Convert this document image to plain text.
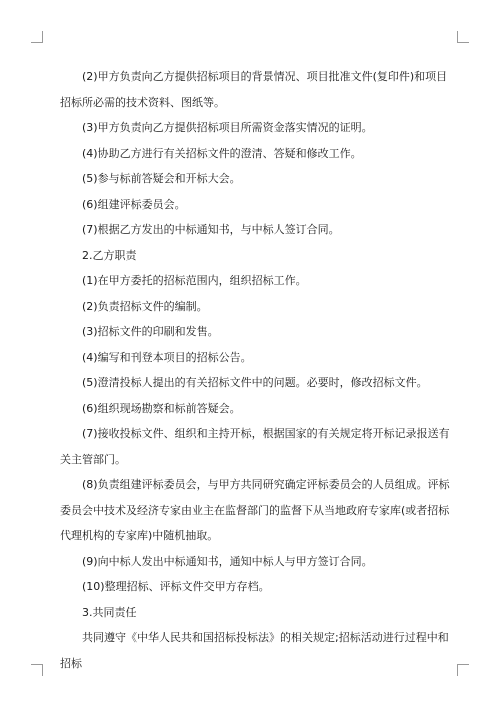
(2)甲方负责向乙方提供招标项目的背景情况、项目批准文件(复印件)和项目招标所必需的技术资料、图纸等。

(3)甲方负责向乙方提供招标项目所需资金落实情况的证明。

(4)协助乙方进行有关招标文件的澄清、答疑和修改工作。

(5)参与标前答疑会和开标大会。

(6)组建评标委员会。

(7)根据乙方发出的中标通知书，与中标人签订合同。

2.乙方职责

(1)在甲方委托的招标范围内，组织招标工作。

(2)负责招标文件的编制。

(3)招标文件的印刷和发售。

(4)编写和刊登本项目的招标公告。

(5)澄清投标人提出的有关招标文件中的问题。必要时，修改招标文件。

(6)组织现场勘察和标前答疑会。

(7)接收投标文件、组织和主持开标，根据国家的有关规定将开标记录报送有关主管部门。

(8)负责组建评标委员会，与甲方共同研究确定评标委员会的人员组成。评标委员会中技术及经济专家由业主在监督部门的监督下从当地政府专家库(或者招标代理机构的专家库)中随机抽取。

(9)向中标人发出中标通知书，通知中标人与甲方签订合同。

(10)整理招标、评标文件交甲方存档。

3.共同责任

共同遵守《中华人民共和国招标投标法》的相关规定;招标活动进行过程中和招标
